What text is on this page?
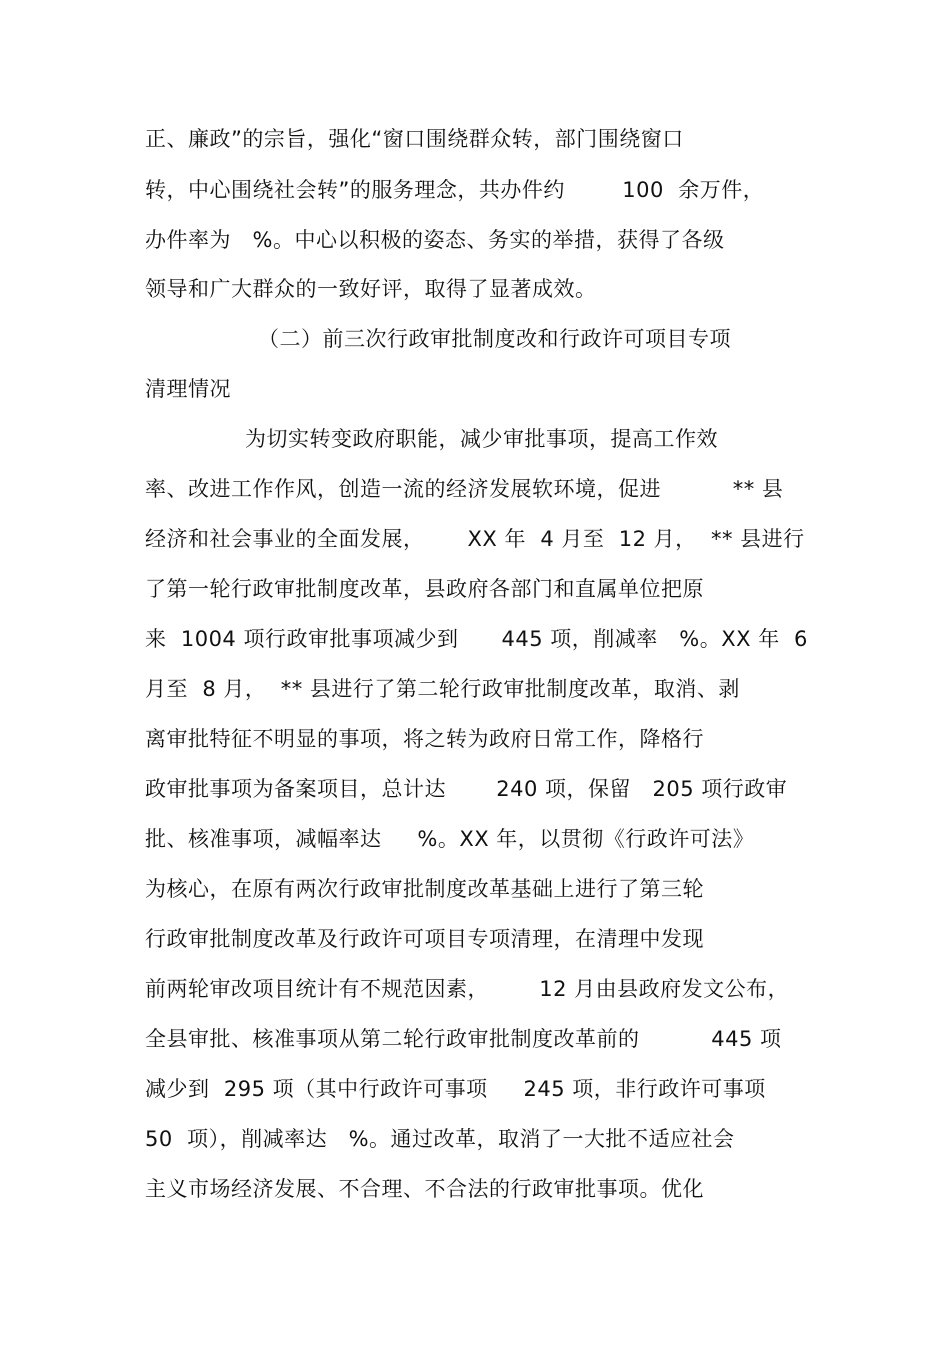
正、廉政”的宗旨，强化“窗口围绕群众转，部门围绕窗口
转，中心围绕社会转”的服务理念，共办件约        100  余万件，
办件率为   %。中心以积极的姿态、务实的举措，获得了各级
领导和广大群众的一致好评，取得了显著成效。
（二）前三次行政审批制度改和行政许可项目专项
清理情况
为切实转变政府职能，减少审批事项，提高工作效
率、改进工作作风，创造一流的经济发展软环境，促进          ** 县
经济和社会事业的全面发展，      XX 年  4 月至  12 月，  ** 县进行
了第一轮行政审批制度改革，县政府各部门和直属单位把原
来  1004 项行政审批事项减少到      445 项，削减率   %。XX 年  6
月至  8 月，  ** 县进行了第二轮行政审批制度改革，取消、剥
离审批特征不明显的事项，将之转为政府日常工作，降格行
政审批事项为备案项目，总计达       240 项，保留   205 项行政审
批、核准事项，减幅率达     %。XX 年，以贯彻《行政许可法》
为核心，在原有两次行政审批制度改革基础上进行了第三轮
行政审批制度改革及行政许可项目专项清理，在清理中发现
前两轮审改项目统计有不规范因素，       12 月由县政府发文公布，
全县审批、核准事项从第二轮行政审批制度改革前的          445 项
减少到  295 项（其中行政许可事项     245 项，非行政许可事项
50  项），削减率达   %。通过改革，取消了一大批不适应社会
主义市场经济发展、不合理、不合法的行政审批事项。优化
